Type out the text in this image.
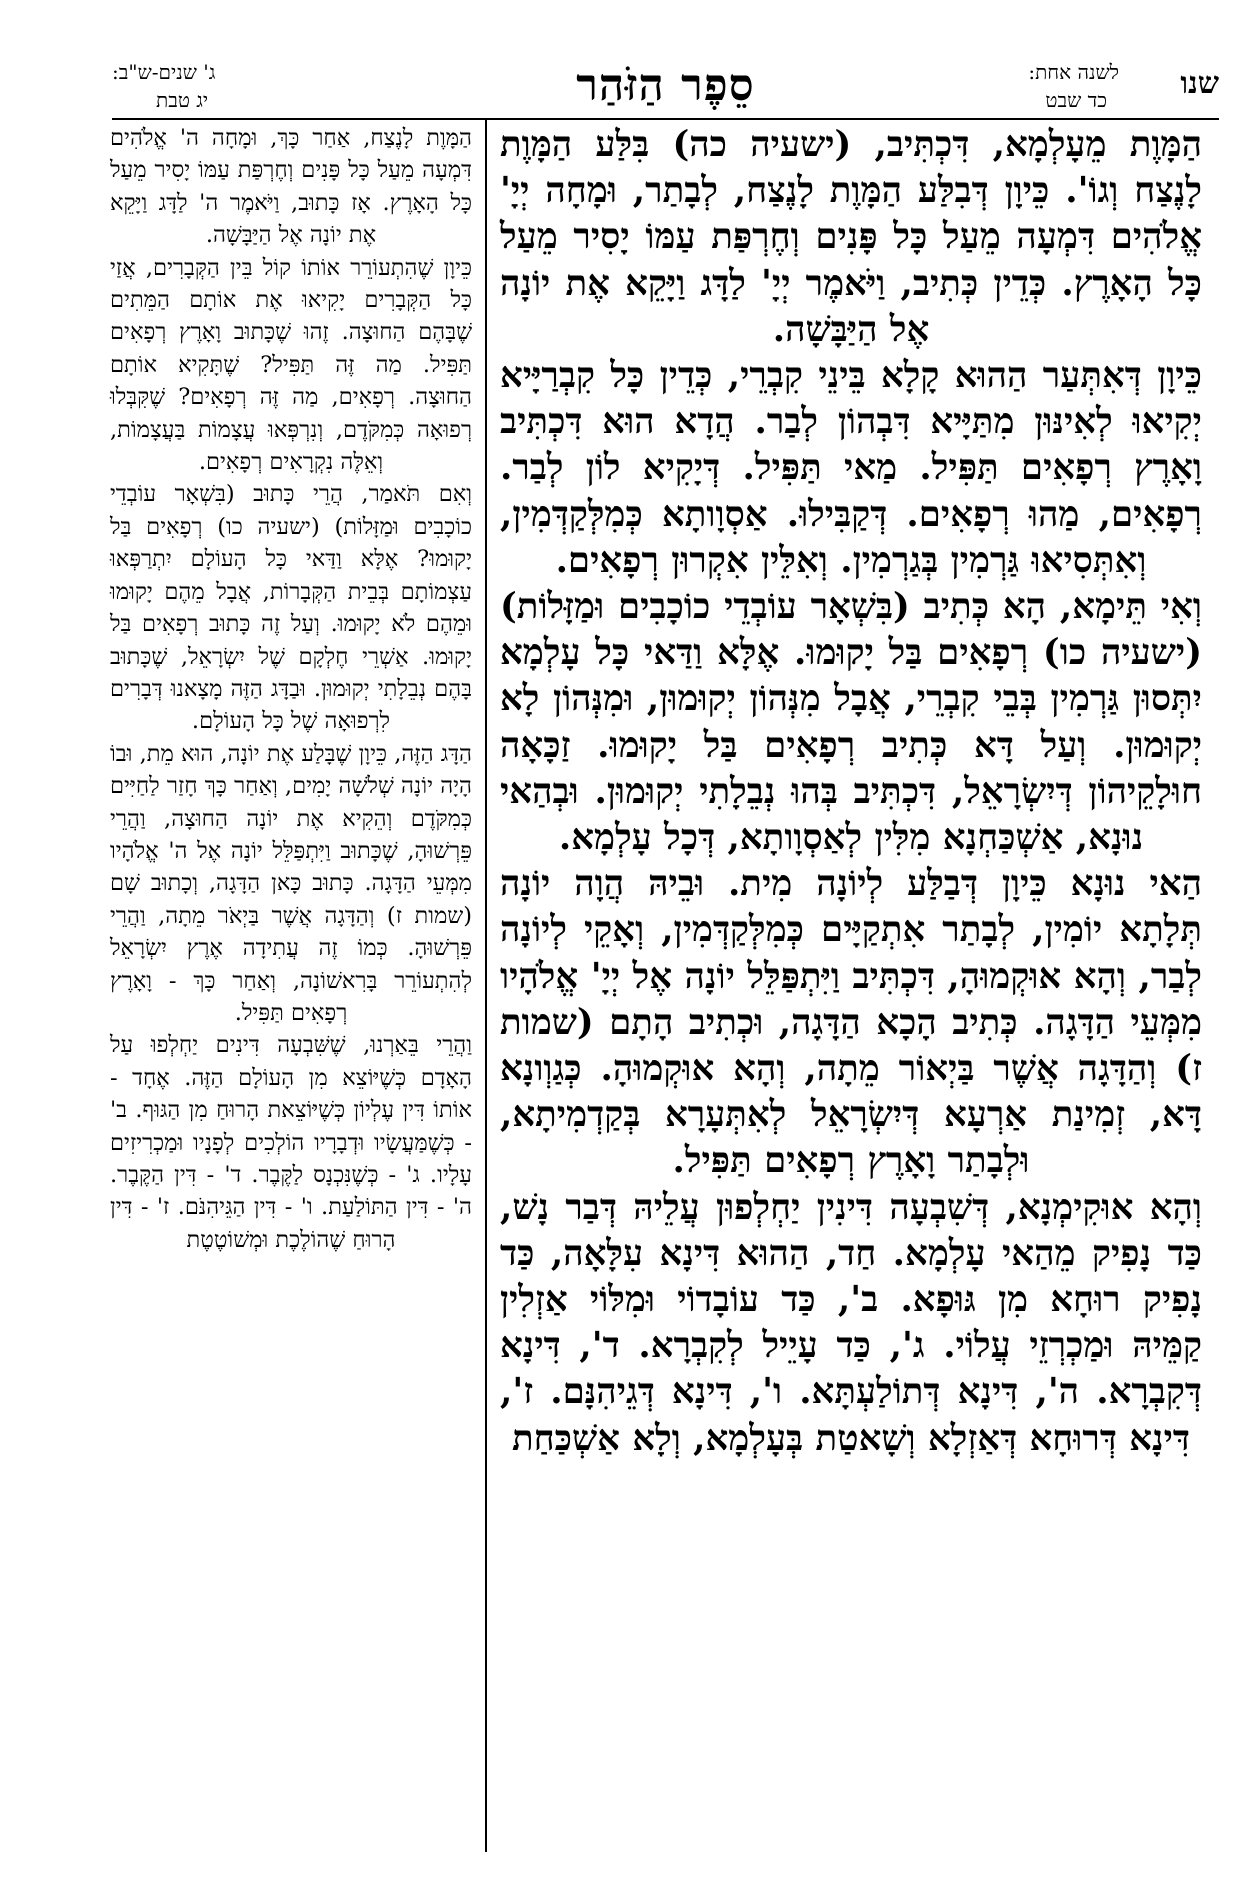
שנו
לשנה אחת:
כד שבט
סֵפֶר הַזֹּהַר
ג' שנים-ש"ב:
יג טבת

הַמָּוֶת מֵעָלְמָא, דִּכְתִּיב, (ישעיה כה) בִּלַּע הַמָּוֶת לָנֶצַח וְגוֹ'. כֵּיוָן דְּבִלַּע הַמָּוֶת לָנֶצַח, לְבָתַר, וּמָחָה יְיָ' אֱלֹהִים דִּמְעָה מֵעַל כָּל פָּנִים וְחֶרְפַּת עַמּוֹ יָסִיר מֵעַל כָּל הָאָרֶץ. כְּדֵין כְּתִיב, וַיֹּאמֶר יְיָ' לַדָּג וַיָּקֵא אֶת יוֹנָה אֶל הַיַּבָּשָׁה.

כֵּיוָן דְּאִתְּעַר הַהוּא קָלָא בֵּינֵי קִבְרֵי, כְּדֵין כָּל קִבְרַיָּיא יְקִיאוּ לְאִינּוּן מִתַּיָּיא דִּבְהוֹן לְבַר. הֲדָא הוּא דִּכְתִּיב וָאָרֶץ רְפָאִים תַּפִּיל. מַאי תַּפִּיל. דְּיָקִיא לוֹן לְבַר. רְפָאִים, מַהוּ רְפָאִים. דְּקַבִּילוּ. אַסְוָותָא כְּמִלְּקַדְּמִין, וְאִתְּסִיאוּ גַּרְמִין בְּגַרְמִין. וְאִלֵּין אִקְרוּן רְפָאִים.

וְאִי תֵּימָא, הָא כְּתִיב (בִּשְׁאָר עוֹבְדֵי כוֹכָבִים וּמַזָּלוֹת) (ישעיה כו) רְפָאִים בַּל יָקוּמוּ. אֶלָּא וַדַּאי כָּל עָלְמָא יִתְּסוּן גַּרְמִין בְּבֵי קִבְרֵי, אֲבָל מִנְּהוֹן יְקוּמוּן, וּמִנְּהוֹן לָא יְקוּמוּן. וְעַל דָּא כְּתִיב רְפָאִים בַּל יָקוּמוּ. זַכָּאָה חוּלָקֵיהוֹן דְּיִשְׂרָאֵל, דִּכְתִּיב בְּהוּ נְבֵלָתִי יְקוּמוּן. וּבְהַאי נוּנָא, אַשְׁכַּחְנָא מִלִּין לְאַסְוָותָא, דְּכָל עָלְמָא.

הַאי נוּנָא כֵּיוָן דְּבַלַּע לְיוֹנָה מִית. וּבֵיהּ הֲוָה יוֹנָה תְּלָתָא יוֹמִין, לְבָתַר אִתְקַיָּים כְּמִלְּקַדְּמִין, וְאָקֵי לְיוֹנָה לְבַר, וְהָא אוּקְמוּהָ, דִּכְתִּיב וַיִּתְפַּלֵּל יוֹנָה אֶל יְיָ' אֱלֹהָיו מִמְּעֵי הַדָּגָה. כְּתִיב הָכָא הַדָּגָה, וּכְתִיב הָתָם (שמות ז) וְהַדָּגָה אֲשֶׁר בַּיְאוֹר מֵתָה, וְהָא אוּקְמוּהָ. כְּגַוְונָא דָּא, זְמִינַת אַרְעָא דְּיִשְׂרָאֵל לְאִתְּעָרָא בְּקַדְמִיתָא, וּלְבָתַר וָאָרֶץ רְפָאִים תַּפִּיל.

וְהָא אוּקִימְנָא, דְּשִׁבְעָה דִּינִין יַחְלְפוּן עֲלֵיהּ דְּבַר נָשׁ, כַּד נָפִיק מֵהַאי עָלְמָא. חַד, הַהוּא דִּינָא עִלָּאָה, כַּד נָפִיק רוּחָא מִן גּוּפָא. ב', כַּד עוֹבָדוֹי וּמִלּוֹי אַזְלִין קַמֵּיהּ וּמַכְרְזֵי עֲלוֹי. ג', כַּד עָיֵיל לְקִבְרָא. ד', דִּינָא דְּקִבְרָא. ה', דִּינָא דְּתוֹלַעְתָּא. ו', דִּינָא דְּגֵיהִנָּם. ז', דִּינָא דְּרוּחָא דְּאַזְלָא וְשָׁאטַת בְּעָלְמָא, וְלָא אַשְׁכַּחַת

הַמָּוֶת לָנֶצַח, אַחַר כָּךְ, וּמָחָה ה' אֱלֹהִים דִּמְעָה מֵעַל כָּל פָּנִים וְחֶרְפַּת עַמּוֹ יָסִיר מֵעַל כָּל הָאָרֶץ. אָז כָּתוּב, וַיֹּאמֶר ה' לַדָּג וַיָּקֵא אֶת יוֹנָה אֶל הַיַּבָּשָׁה.

כֵּיוָן שֶׁהִתְעוֹרֵר אוֹתוֹ קוֹל בֵּין הַקְּבָרִים, אֲזַי כָּל הַקְּבָרִים יָקִיאוּ אֶת אוֹתָם הַמֵּתִים שֶׁבָּהֶם הַחוּצָה. זֶהוּ שֶׁכָּתוּב וָאָרֶץ רְפָאִים תַּפִּיל. מַה זֶּה תַּפִּיל? שֶׁתָּקִיא אוֹתָם הַחוּצָה. רְפָאִים, מַה זֶּה רְפָאִים? שֶׁקִּבְּלוּ רְפוּאָה כְּמִקֹּדֶם, וְנִרְפְּאוּ עֲצָמוֹת בַּעֲצָמוֹת, וְאֵלֶּה נִקְרָאִים רְפָאִים.

וְאִם תֹּאמַר, הֲרֵי כָּתוּב (בִּשְׁאָר עוֹבְדֵי כוֹכָבִים וּמַזָּלוֹת) (ישעיה כו) רְפָאִים בַּל יָקוּמוּ? אֶלָּא וַדַּאי כָּל הָעוֹלָם יִתְרַפְּאוּ עַצְמוֹתָם בְּבֵית הַקְּבָרוֹת, אֲבָל מֵהֶם יָקוּמוּ וּמֵהֶם לֹא יָקוּמוּ. וְעַל זֶה כָּתוּב רְפָאִים בַּל יָקוּמוּ. אַשְׁרֵי חֶלְקָם שֶׁל יִשְׂרָאֵל, שֶׁכָּתוּב בָּהֶם נְבֵלָתִי יְקוּמוּן. וּבַדָּג הַזֶּה מָצָאנוּ דְּבָרִים לִרְפוּאָה שֶׁל כָּל הָעוֹלָם.

הַדָּג הַזֶּה, כֵּיוָן שֶׁבָּלַע אֶת יוֹנָה, הוּא מֵת, וּבוֹ הָיָה יוֹנָה שְׁלֹשָׁה יָמִים, וְאַחַר כָּךְ חָזַר לַחַיִּים כְּמִקֹּדֶם וְהֵקִיא אֶת יוֹנָה הַחוּצָה, וַהֲרֵי פֵּרְשׁוּהָ, שֶׁכָּתוּב וַיִּתְפַּלֵּל יוֹנָה אֶל ה' אֱלֹהָיו מִמְּעֵי הַדָּגָה. כָּתוּב כָּאן הַדָּגָה, וְכָתוּב שָׁם (שמות ז) וְהַדָּגָה אֲשֶׁר בַּיְאֹר מֵתָה, וַהֲרֵי פֵּרְשׁוּהָ. כְּמוֹ זֶה עֲתִידָה אֶרֶץ יִשְׂרָאֵל לְהִתְעוֹרֵר בָּרִאשׁוֹנָה, וְאַחַר כָּךְ - וָאָרֶץ רְפָאִים תַּפִּיל.

וַהֲרֵי בֵּאַרְנוּ, שֶׁשִּׁבְעָה דִּינִים יַחְלְפוּ עַל הָאָדָם כְּשֶׁיּוֹצֵא מִן הָעוֹלָם הַזֶּה. אֶחָד - אוֹתוֹ דִּין עֶלְיוֹן כְּשֶׁיּוֹצֵאת הָרוּחַ מִן הַגּוּף. ב' - כְּשֶׁמַּעֲשָׂיו וּדְבָרָיו הוֹלְכִים לְפָנָיו וּמַכְרִיזִים עָלָיו. ג' - כְּשֶׁנִּכְנָס לַקֶּבֶר. ד' - דִּין הַקֶּבֶר. ה' - דִּין הַתּוֹלַעַת. ו' - דִּין הַגֵּיהִנֹּם. ז' - דִּין הָרוּחַ שֶׁהוֹלֶכֶת וּמְשׁוֹטֶטֶת
